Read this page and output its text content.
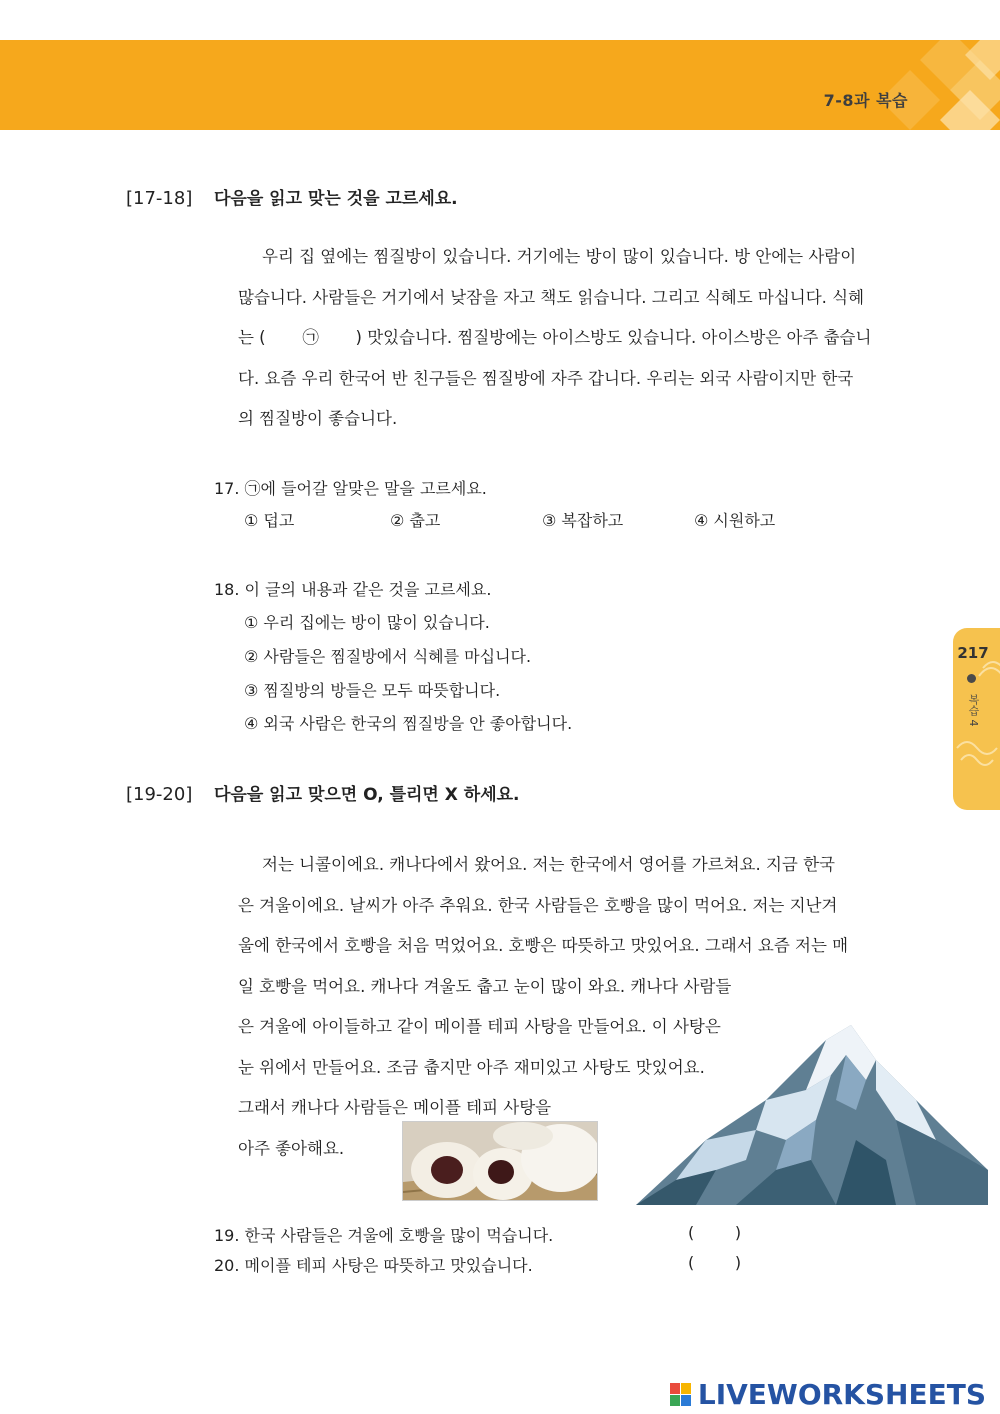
7-8과 복습
[17-18] 다음을 읽고 맞는 것을 고르세요.

우리 집 옆에는 찜질방이 있습니다. 거기에는 방이 많이 있습니다. 방 안에는 사람이

많습니다. 사람들은 거기에서 낮잠을 자고 책도 읽습니다. 그리고 식혜도 마십니다. 식혜

는 (       ㉠       ) 맛있습니다. 찜질방에는 아이스방도 있습니다. 아이스방은 아주 춥습니

다. 요즘 우리 한국어 반 친구들은 찜질방에 자주 갑니다. 우리는 외국 사람이지만 한국

의 찜질방이 좋습니다.

17. ㉠에 들어갈 알맞은 말을 고르세요.
① 덥고	② 춥고	③ 복잡하고	④ 시원하고
18. 이 글의 내용과 같은 것을 고르세요.
① 우리 집에는 방이 많이 있습니다.
② 사람들은 찜질방에서 식혜를 마십니다.
③ 찜질방의 방들은 모두 따뜻합니다.
④ 외국 사람은 한국의 찜질방을 안 좋아합니다.
217
복습 4
[19-20] 다음을 읽고 맞으면 O, 틀리면 X 하세요.

저는 니콜이에요. 캐나다에서 왔어요. 저는 한국에서 영어를 가르쳐요. 지금 한국

은 겨울이에요. 날씨가 아주 추워요. 한국 사람들은 호빵을 많이 먹어요. 저는 지난겨

울에 한국에서 호빵을 처음 먹었어요. 호빵은 따뜻하고 맛있어요. 그래서 요즘 저는 매

일 호빵을 먹어요. 캐나다 겨울도 춥고 눈이 많이 와요. 캐나다 사람들

은 겨울에 아이들하고 같이 메이플 테피 사탕을 만들어요. 이 사탕은

눈 위에서 만들어요. 조금 춥지만 아주 재미있고 사탕도 맛있어요.

그래서 캐나다 사람들은 메이플 테피 사탕을

아주 좋아해요.

19. 한국 사람들은 겨울에 호빵을 많이 먹습니다.	(        )
20. 메이플 테피 사탕은 따뜻하고 맛있습니다.	(        )
LIVEWORKSHEETS
